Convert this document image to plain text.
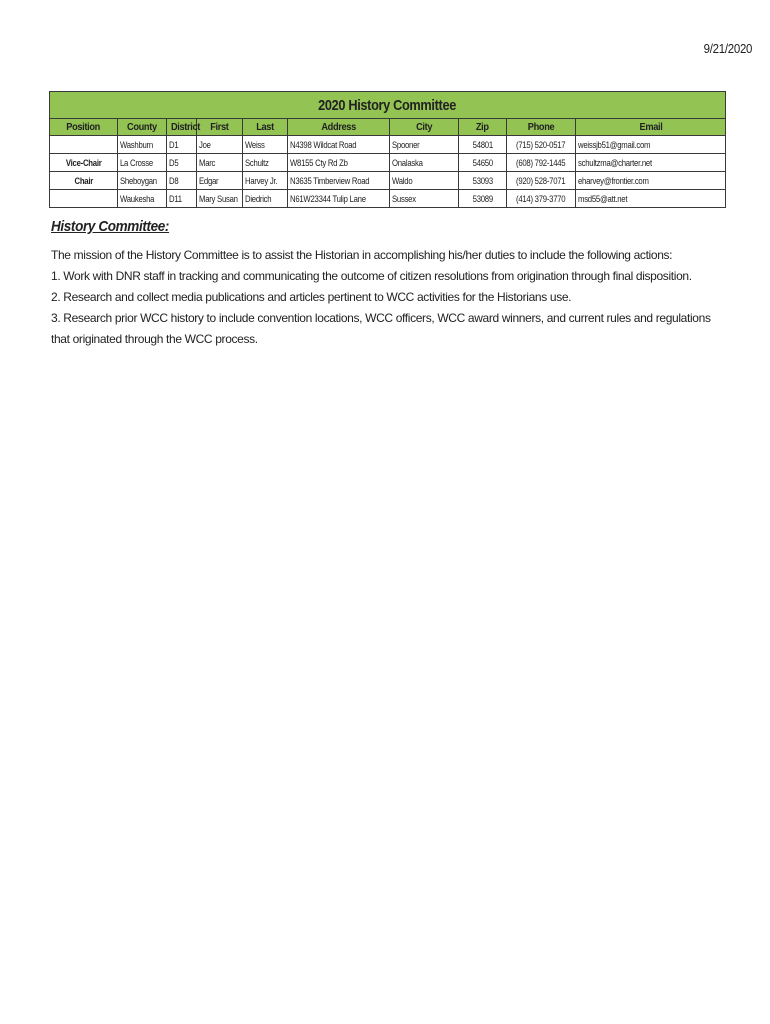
9/21/2020
2020 History Committee									
Position	County	District	First	Last	Address	City	Zip	Phone	Email
	Washburn	D1	Joe	Weiss	N4398 Wildcat Road	Spooner	54801	(715) 520-0517	weissjb51@gmail.com
Vice-Chair	La Crosse	D5	Marc	Schultz	W8155 Cty Rd Zb	Onalaska	54650	(608) 792-1445	schultzma@charter.net
Chair	Sheboygan	D8	Edgar	Harvey Jr.	N3635 Timberview Road	Waldo	53093	(920) 528-7071	eharvey@frontier.com
	Waukesha	D11	Mary Susan	Diedrich	N61W23344 Tulip Lane	Sussex	53089	(414) 379-3770	msd55@att.net
History Committee:

The mission of the History Committee is to assist the Historian in accomplishing his/her duties to include the following actions:
1. Work with DNR staff in tracking and communicating the outcome of citizen resolutions from origination through final disposition.
2. Research and collect media publications and articles pertinent to WCC activities for the Historians use.
3. Research prior WCC history to include convention locations, WCC officers, WCC award winners, and current rules and regulations that originated through the WCC process.
